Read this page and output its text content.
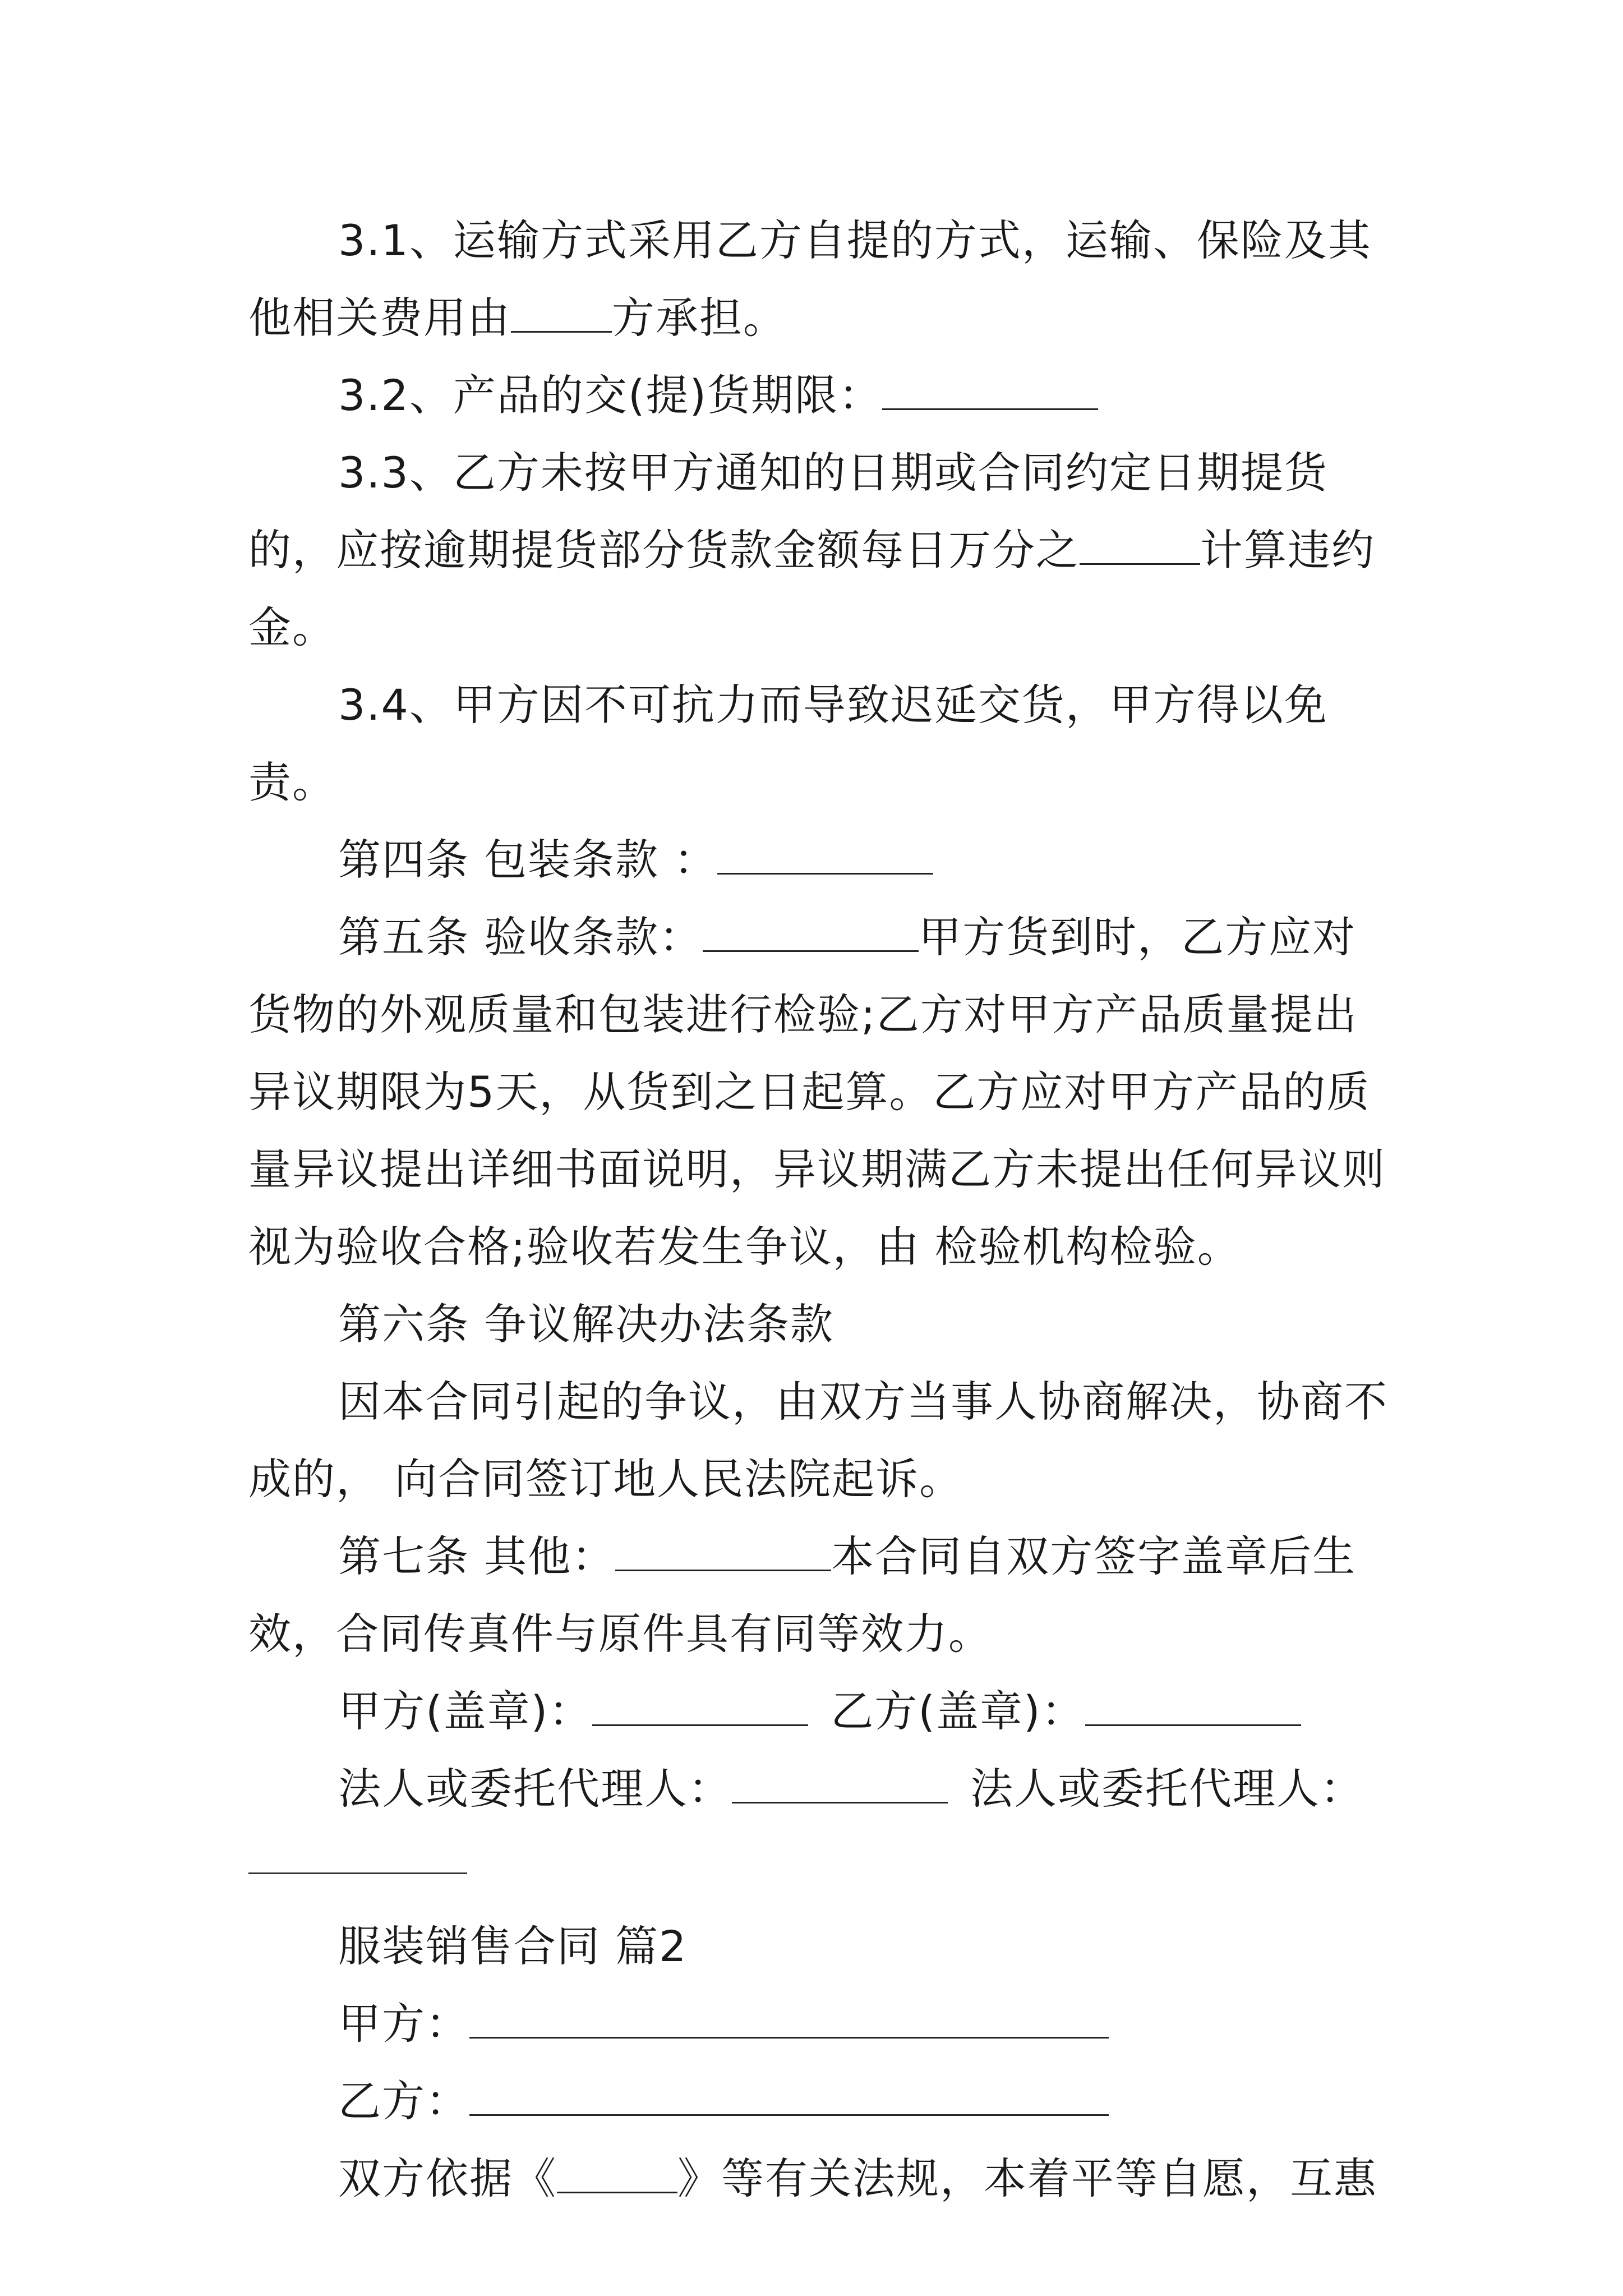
3.1、运输方式采用乙方自提的方式，运输、保险及其他相关费用由 方承担。

3.2、产品的交(提)货期限：

3.3、乙方未按甲方通知的日期或合同约定日期提货的，应按逾期提货部分货款金额每日万分之	计算违约金。

3.4、甲方因不可抗力而导致迟延交货，甲方得以免责。

第四条 包装条款 ：

第五条 验收条款：	甲方货到时，乙方应对货物的外观质量和包装进行检验;乙方对甲方产品质量提出异议期限为5天，从货到之日起算。乙方应对甲方产品的质量异议提出详细书面说明，异议期满乙方未提出任何异议则视为验收合格;验收若发生争议，由 检验机构检验。

第六条 争议解决办法条款

因本合同引起的争议，由双方当事人协商解决，协商不成的， 向合同签订地人民法院起诉。

第七条 其他：	本合同自双方签字盖章后生效，合同传真件与原件具有同等效力。

甲方(盖章)：	乙方(盖章)：

法人或委托代理人：	法人或委托代理人：

服装销售合同 篇2

甲方：

乙方：

双方依据《	》等有关法规，本着平等自愿，互惠
